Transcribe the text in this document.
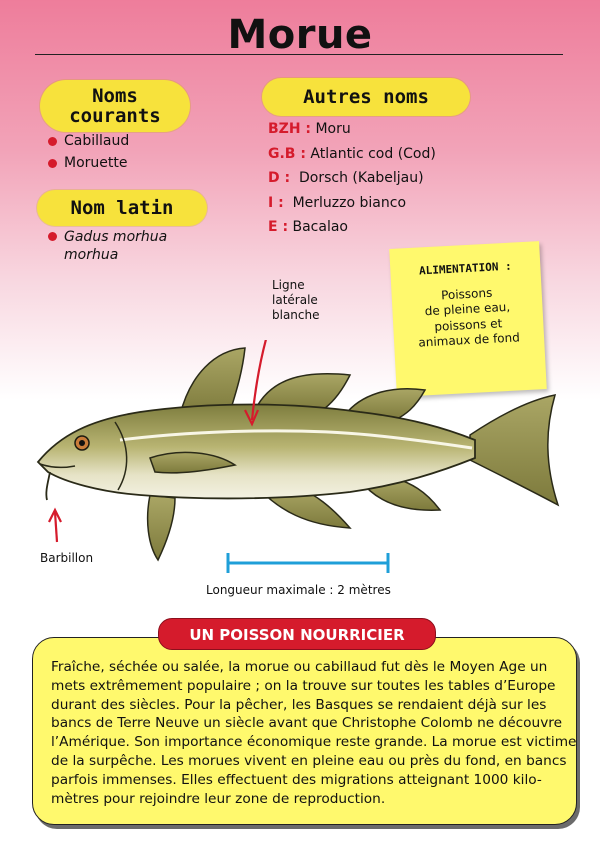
Morue
Noms
courants
Cabillaud
Moruette
Nom latin
Gadus morhua
morhua
Autres noms
BZH :
Moru
G.B :
Atlantic cod (Cod)
D :
Dorsch (Kabeljau)
I :
Merluzzo bianco
E :
Bacalao
ALIMENTATION :
Poissons
de pleine eau,
poissons et
animaux de fond
Ligne
latérale
blanche
Barbillon
Longueur maximale : 2 mètres
UN POISSON NOURRICIER
Fraîche, séchée ou salée, la morue ou cabillaud fut dès le Moyen Age un
mets extrêmement populaire ; on la trouve sur toutes les tables d’Europe
durant des siècles. Pour la pêcher, les Basques se rendaient déjà sur les
bancs de Terre Neuve un siècle avant que Christophe Colomb ne découvre
l’Amérique. Son importance économique reste grande. La morue est victime
de la surpêche. Les morues vivent en pleine eau ou près du fond, en bancs
parfois immenses. Elles effectuent des migrations atteignant 1000 kilo-
mètres pour rejoindre leur zone de reproduction.
